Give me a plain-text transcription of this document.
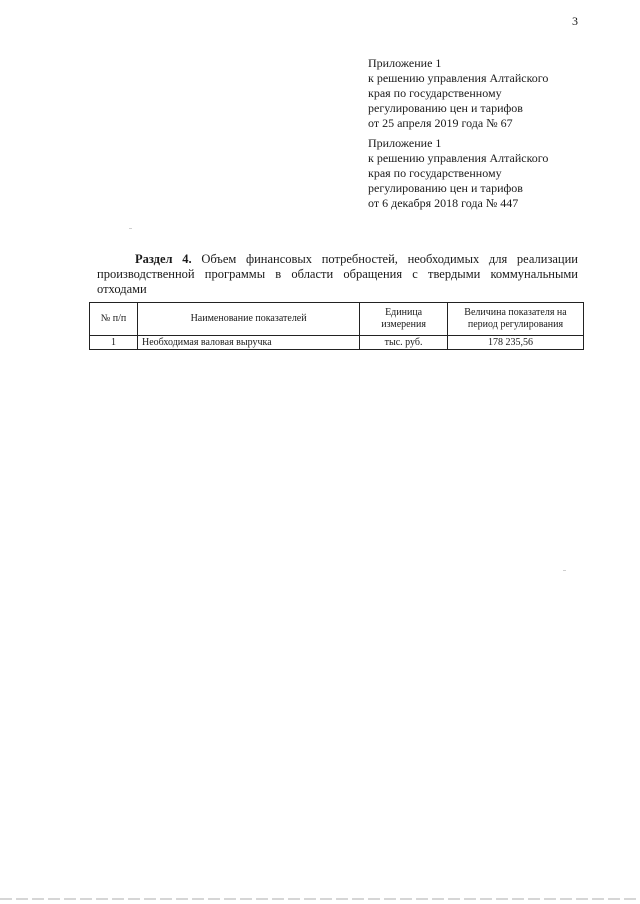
3
Приложение 1
к решению управления Алтайского
края по государственному
регулированию цен и тарифов
от 25 апреля 2019 года № 67
Приложение 1
к решению управления Алтайского
края по государственному
регулированию цен и тарифов
от 6 декабря 2018 года № 447
Раздел 4. Объем финансовых потребностей, необходимых для реализации
производственной программы в области обращения с твердыми коммунальными
отходами
№ п/п	Наименование показателей	Единица измерения	Величина показателя на период регулирования
1	Необходимая валовая выручка	тыс. руб.	178 235,56
